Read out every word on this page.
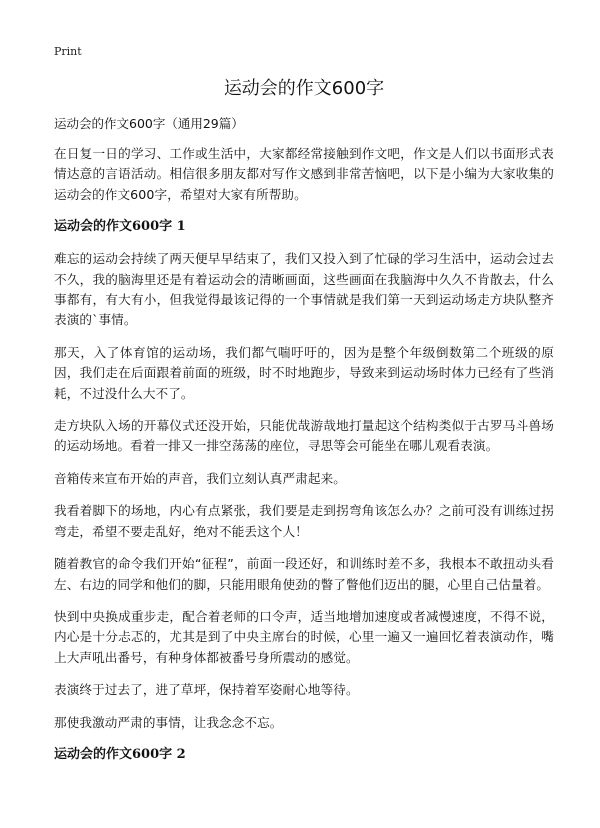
Print
运动会的作文600字

运动会的作文600字（通用29篇）

在日复一日的学习、工作或生活中，大家都经常接触到作文吧，作文是人们以书面形式表情达意的言语活动。相信很多朋友都对写作文感到非常苦恼吧，以下是小编为大家收集的运动会的作文600字，希望对大家有所帮助。

运动会的作文600字 1

难忘的运动会持续了两天便早早结束了，我们又投入到了忙碌的学习生活中，运动会过去不久，我的脑海里还是有着运动会的清晰画面，这些画面在我脑海中久久不肯散去，什么事都有，有大有小，但我觉得最该记得的一个事情就是我们第一天到运动场走方块队整齐表演的`事情。

那天，入了体育馆的运动场，我们都气喘吁吁的，因为是整个年级倒数第二个班级的原因，我们走在后面跟着前面的班级，时不时地跑步，导致来到运动场时体力已经有了些消耗，不过没什么大不了。

走方块队入场的开幕仪式还没开始，只能优哉游哉地打量起这个结构类似于古罗马斗兽场的运动场地。看着一排又一排空荡荡的座位，寻思等会可能坐在哪儿观看表演。

音箱传来宣布开始的声音，我们立刻认真严肃起来。

我看着脚下的场地，内心有点紧张，我们要是走到拐弯角该怎么办？之前可没有训练过拐弯走，希望不要走乱好，绝对不能丢这个人！

随着教官的命令我们开始“征程”，前面一段还好，和训练时差不多，我根本不敢扭动头看左、右边的同学和他们的脚，只能用眼角使劲的瞥了瞥他们迈出的腿，心里自己估量着。

快到中央换成重步走，配合着老师的口令声，适当地增加速度或者减慢速度，不得不说，内心是十分忐忑的，尤其是到了中央主席台的时候，心里一遍又一遍回忆着表演动作，嘴上大声吼出番号，有种身体都被番号身所震动的感觉。

表演终于过去了，进了草坪，保持着军姿耐心地等待。

那使我激动严肃的事情，让我念念不忘。

运动会的作文600字 2
